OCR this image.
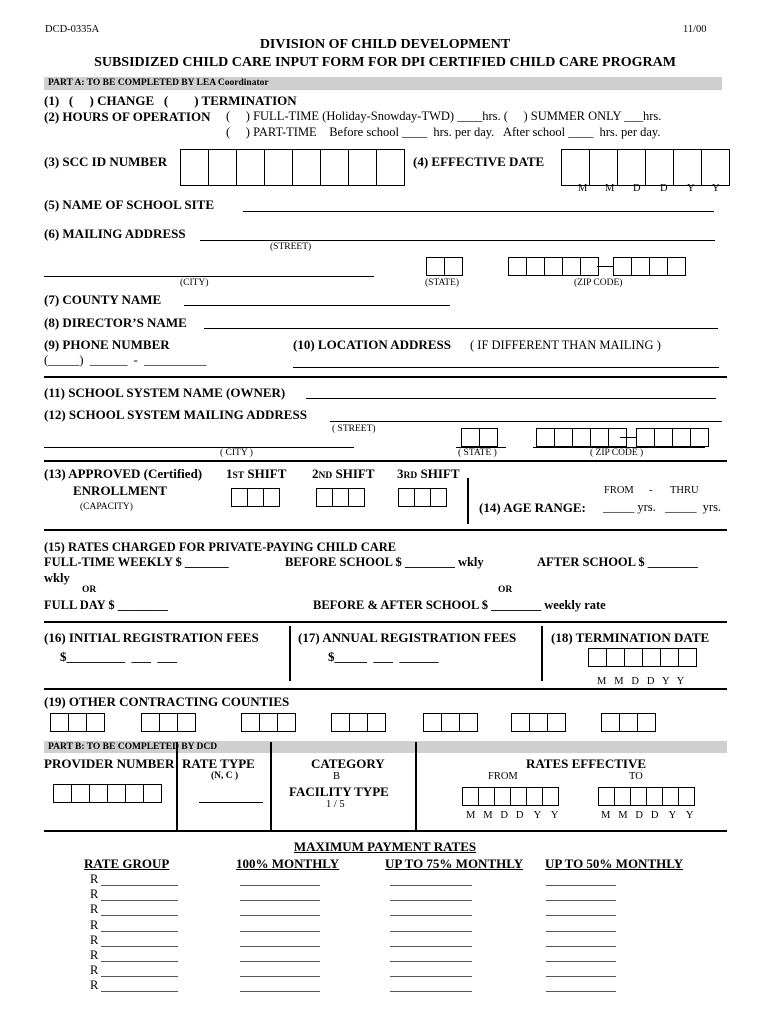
DCD-0335A	11/00
DIVISION OF CHILD DEVELOPMENT
SUBSIDIZED CHILD CARE INPUT FORM FOR DPI CERTIFIED CHILD CARE PROGRAM
PART A: TO BE COMPLETED BY LEA Coordinator
(1)   (     ) CHANGE   (        ) TERMINATION
(2) HOURS OF OPERATION (     ) FULL-TIME (Holiday-Snowday-TWD) ____hrs. (     ) SUMMER ONLY ___hrs.
(     ) PART-TIME    Before school ____  hrs. per day.   After school ____  hrs. per day.
(3) SCC ID NUMBER	(4) EFFECTIVE DATE
M M D D Y Y
(5) NAME OF SCHOOL SITE
(6) MAILING ADDRESS
(STREET)
(CITY)	(STATE)	(ZIP CODE)
(7) COUNTY NAME
(8) DIRECTOR’S NAME
(9) PHONE NUMBER
(_____)  ______  -  __________
(10) LOCATION ADDRESS ( IF DIFFERENT THAN MAILING )
(11) SCHOOL SYSTEM NAME (OWNER)
(12) SCHOOL SYSTEM MAILING ADDRESS
( STREET)
( CITY )	( STATE )	( ZIP CODE )
(13) APPROVED (Certified) 1ST SHIFT 2ND SHIFT 3RD SHIFT
ENROLLMENT
(CAPACITY)
FROM - THRU
(14) AGE RANGE: _____ yrs.   _____  yrs.
(15) RATES CHARGED FOR PRIVATE-PAYING CHILD CARE
FULL-TIME WEEKLY $ _______	BEFORE SCHOOL $ ________ wkly	AFTER SCHOOL $ ________
wkly
OR	OR
FULL DAY $ ________	BEFORE & AFTER SCHOOL $ ________ weekly rate
(16) INITIAL REGISTRATION FEES
$_________  ___  ___
(17) ANNUAL REGISTRATION FEES
$_____  ___  ______
(18) TERMINATION DATE
M   M   D   D   Y   Y
(19) OTHER CONTRACTING COUNTIES
PART B: TO BE COMPLETED BY DCD
PROVIDER NUMBER RATE TYPE
(N, C )
CATEGORY
B
FACILITY TYPE
1 / 5
RATES EFFECTIVE
FROM	TO
M   M   D   D    Y    Y	M   M   D   D    Y    Y
MAXIMUM PAYMENT RATES
RATE GROUP	100% MONTHLY	UP TO 75% MONTHLY UP TO 50% MONTHLY
R
R
R
R
R
R
R
R
